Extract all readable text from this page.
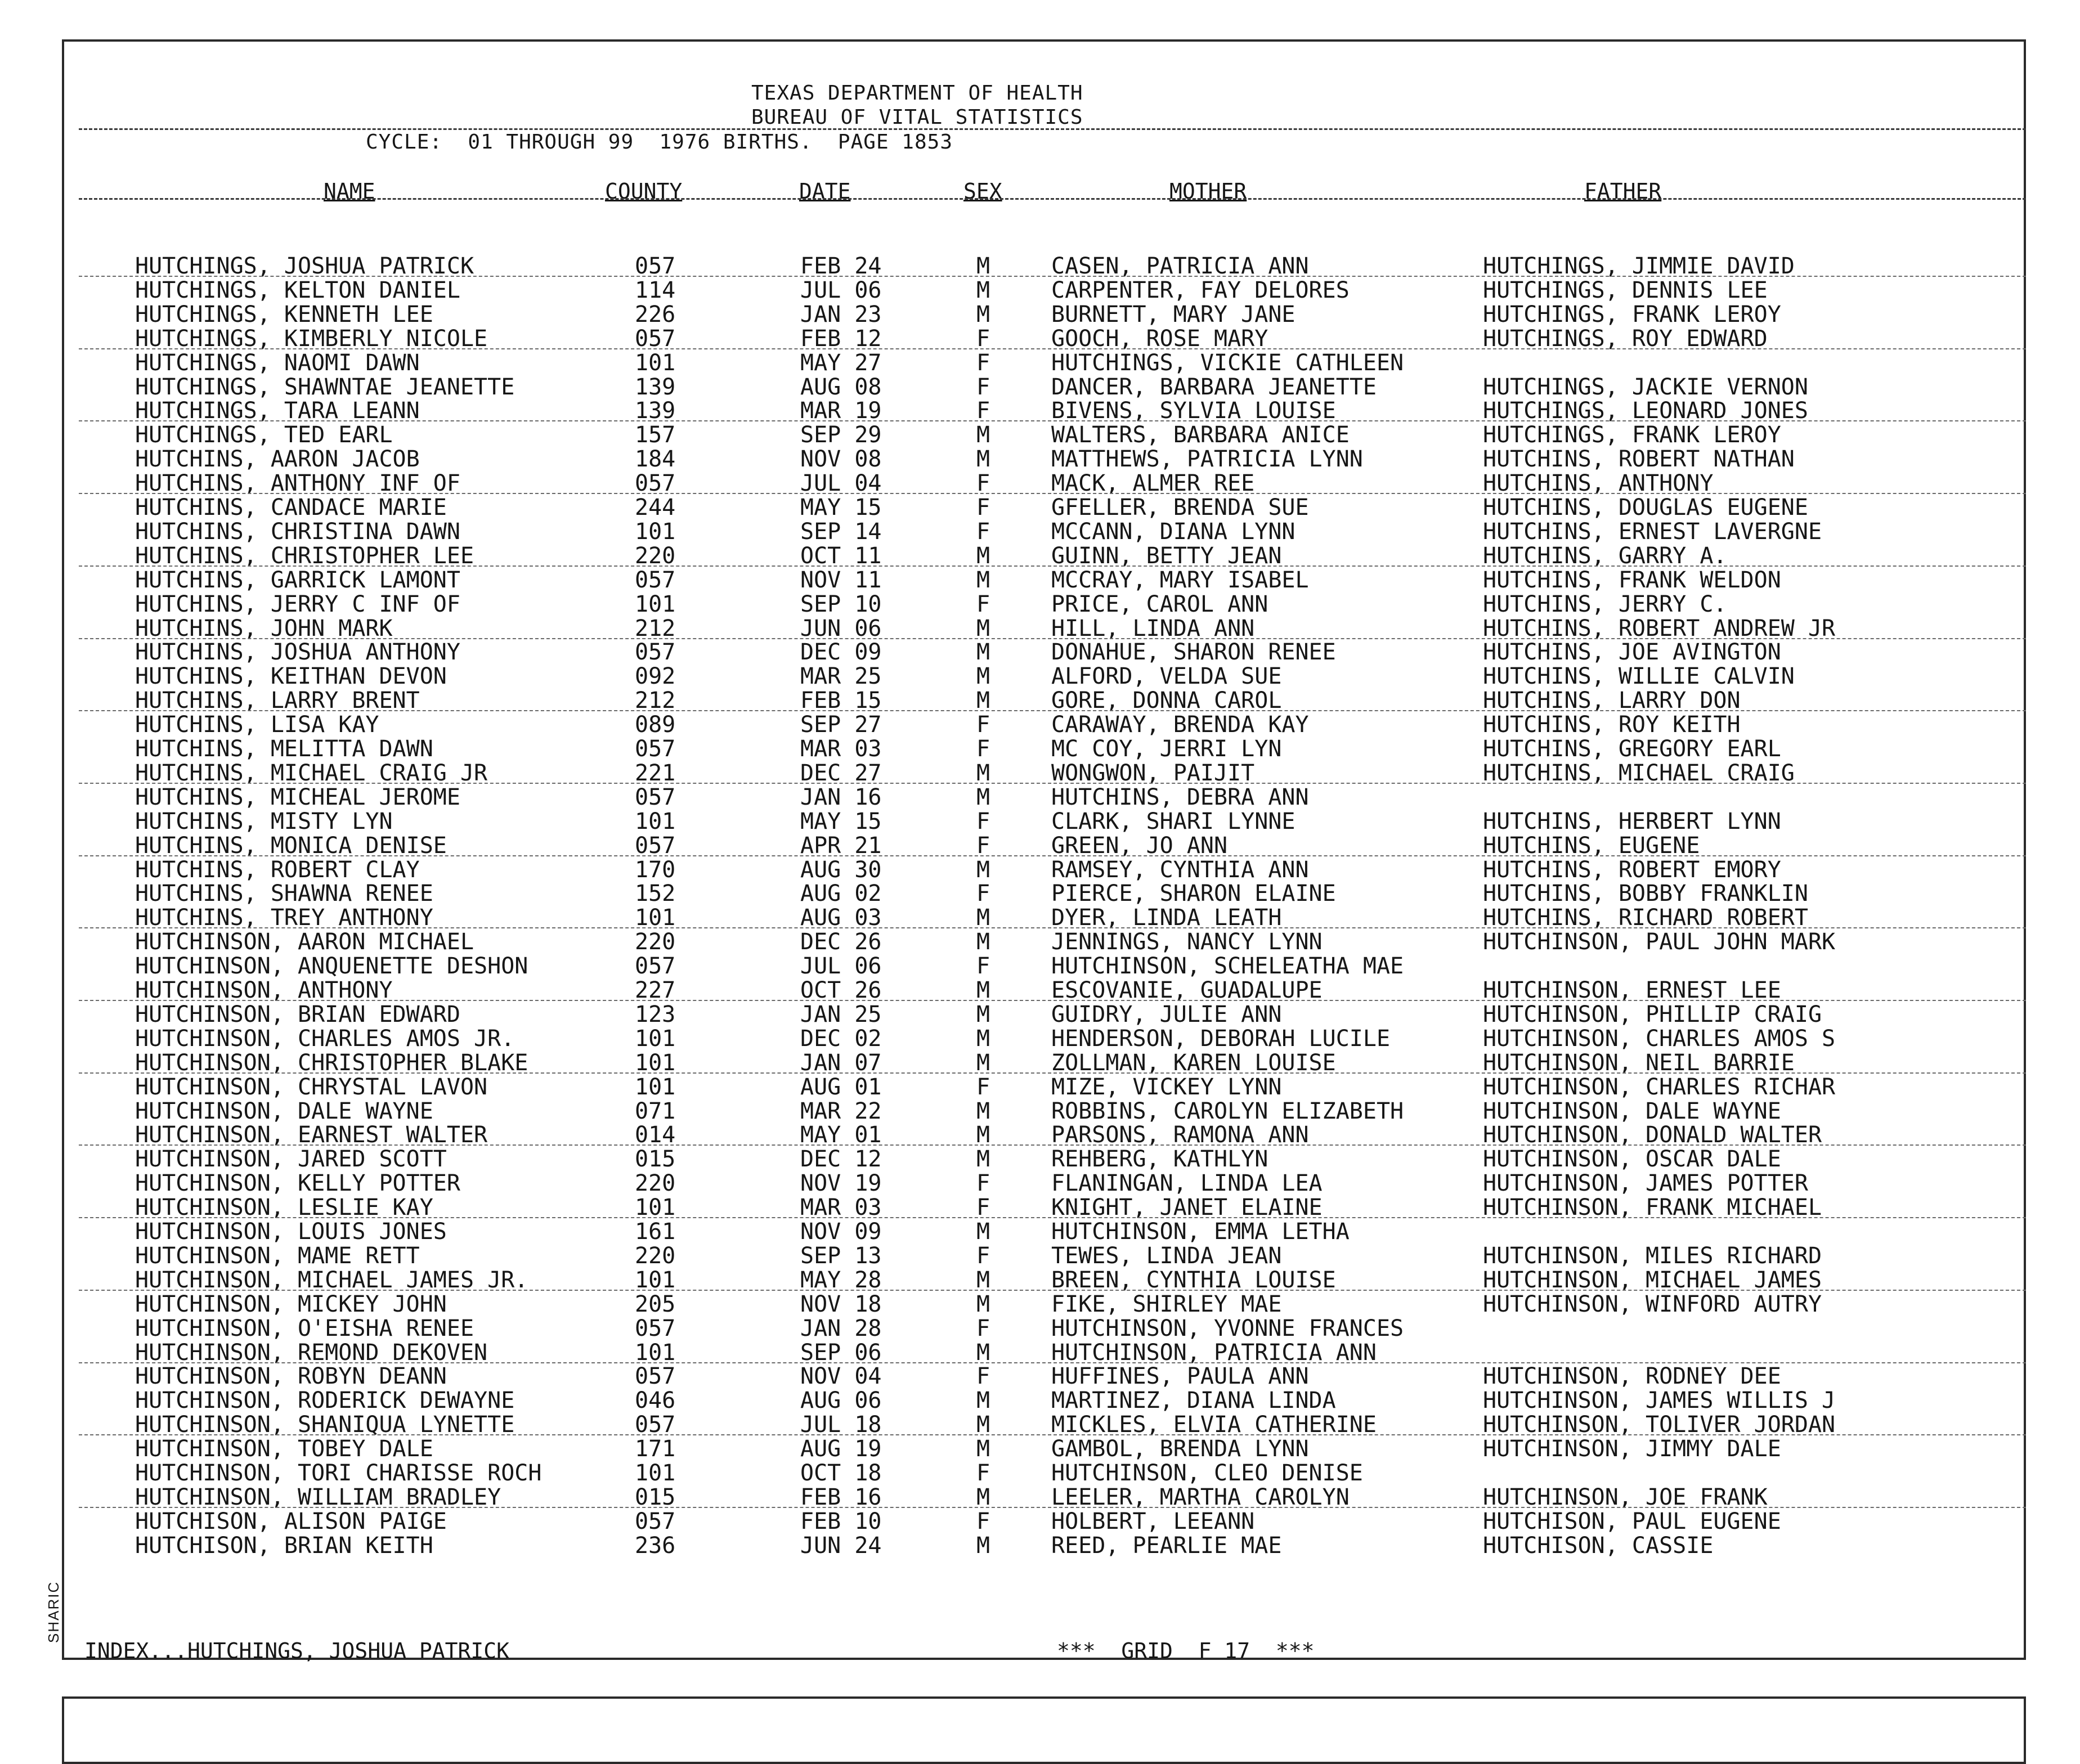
SHARIC
TEXAS DEPARTMENT OF HEALTH
BUREAU OF VITAL STATISTICS
CYCLE:  01 THROUGH 99  1976 BIRTHS.  PAGE 1853
NAME	COUNTY	DATE	SEX	MOTHER	FATHER
HUTCHINGS, JOSHUA PATRICK	057	FEB 24	M	CASEN, PATRICIA ANN	HUTCHINGS, JIMMIE DAVID
HUTCHINGS, KELTON DANIEL	114	JUL 06	M	CARPENTER, FAY DELORES	HUTCHINGS, DENNIS LEE
HUTCHINGS, KENNETH LEE	226	JAN 23	M	BURNETT, MARY JANE	HUTCHINGS, FRANK LEROY
HUTCHINGS, KIMBERLY NICOLE	057	FEB 12	F	GOOCH, ROSE MARY	HUTCHINGS, ROY EDWARD
HUTCHINGS, NAOMI DAWN	101	MAY 27	F	HUTCHINGS, VICKIE CATHLEEN
HUTCHINGS, SHAWNTAE JEANETTE	139	AUG 08	F	DANCER, BARBARA JEANETTE	HUTCHINGS, JACKIE VERNON
HUTCHINGS, TARA LEANN	139	MAR 19	F	BIVENS, SYLVIA LOUISE	HUTCHINGS, LEONARD JONES
HUTCHINGS, TED EARL	157	SEP 29	M	WALTERS, BARBARA ANICE	HUTCHINGS, FRANK LEROY
HUTCHINS, AARON JACOB	184	NOV 08	M	MATTHEWS, PATRICIA LYNN	HUTCHINS, ROBERT NATHAN
HUTCHINS, ANTHONY INF OF	057	JUL 04	F	MACK, ALMER REE	HUTCHINS, ANTHONY
HUTCHINS, CANDACE MARIE	244	MAY 15	F	GFELLER, BRENDA SUE	HUTCHINS, DOUGLAS EUGENE
HUTCHINS, CHRISTINA DAWN	101	SEP 14	F	MCCANN, DIANA LYNN	HUTCHINS, ERNEST LAVERGNE
HUTCHINS, CHRISTOPHER LEE	220	OCT 11	M	GUINN, BETTY JEAN	HUTCHINS, GARRY A.
HUTCHINS, GARRICK LAMONT	057	NOV 11	M	MCCRAY, MARY ISABEL	HUTCHINS, FRANK WELDON
HUTCHINS, JERRY C INF OF	101	SEP 10	F	PRICE, CAROL ANN	HUTCHINS, JERRY C.
HUTCHINS, JOHN MARK	212	JUN 06	M	HILL, LINDA ANN	HUTCHINS, ROBERT ANDREW JR
HUTCHINS, JOSHUA ANTHONY	057	DEC 09	M	DONAHUE, SHARON RENEE	HUTCHINS, JOE AVINGTON
HUTCHINS, KEITHAN DEVON	092	MAR 25	M	ALFORD, VELDA SUE	HUTCHINS, WILLIE CALVIN
HUTCHINS, LARRY BRENT	212	FEB 15	M	GORE, DONNA CAROL	HUTCHINS, LARRY DON
HUTCHINS, LISA KAY	089	SEP 27	F	CARAWAY, BRENDA KAY	HUTCHINS, ROY KEITH
HUTCHINS, MELITTA DAWN	057	MAR 03	F	MC COY, JERRI LYN	HUTCHINS, GREGORY EARL
HUTCHINS, MICHAEL CRAIG JR	221	DEC 27	M	WONGWON, PAIJIT	HUTCHINS, MICHAEL CRAIG
HUTCHINS, MICHEAL JEROME	057	JAN 16	M	HUTCHINS, DEBRA ANN
HUTCHINS, MISTY LYN	101	MAY 15	F	CLARK, SHARI LYNNE	HUTCHINS, HERBERT LYNN
HUTCHINS, MONICA DENISE	057	APR 21	F	GREEN, JO ANN	HUTCHINS, EUGENE
HUTCHINS, ROBERT CLAY	170	AUG 30	M	RAMSEY, CYNTHIA ANN	HUTCHINS, ROBERT EMORY
HUTCHINS, SHAWNA RENEE	152	AUG 02	F	PIERCE, SHARON ELAINE	HUTCHINS, BOBBY FRANKLIN
HUTCHINS, TREY ANTHONY	101	AUG 03	M	DYER, LINDA LEATH	HUTCHINS, RICHARD ROBERT
HUTCHINSON, AARON MICHAEL	220	DEC 26	M	JENNINGS, NANCY LYNN	HUTCHINSON, PAUL JOHN MARK
HUTCHINSON, ANQUENETTE DESHON	057	JUL 06	F	HUTCHINSON, SCHELEATHA MAE
HUTCHINSON, ANTHONY	227	OCT 26	M	ESCOVANIE, GUADALUPE	HUTCHINSON, ERNEST LEE
HUTCHINSON, BRIAN EDWARD	123	JAN 25	M	GUIDRY, JULIE ANN	HUTCHINSON, PHILLIP CRAIG
HUTCHINSON, CHARLES AMOS JR.	101	DEC 02	M	HENDERSON, DEBORAH LUCILE	HUTCHINSON, CHARLES AMOS S
HUTCHINSON, CHRISTOPHER BLAKE	101	JAN 07	M	ZOLLMAN, KAREN LOUISE	HUTCHINSON, NEIL BARRIE
HUTCHINSON, CHRYSTAL LAVON	101	AUG 01	F	MIZE, VICKEY LYNN	HUTCHINSON, CHARLES RICHAR
HUTCHINSON, DALE WAYNE	071	MAR 22	M	ROBBINS, CAROLYN ELIZABETH	HUTCHINSON, DALE WAYNE
HUTCHINSON, EARNEST WALTER	014	MAY 01	M	PARSONS, RAMONA ANN	HUTCHINSON, DONALD WALTER
HUTCHINSON, JARED SCOTT	015	DEC 12	M	REHBERG, KATHLYN	HUTCHINSON, OSCAR DALE
HUTCHINSON, KELLY POTTER	220	NOV 19	F	FLANINGAN, LINDA LEA	HUTCHINSON, JAMES POTTER
HUTCHINSON, LESLIE KAY	101	MAR 03	F	KNIGHT, JANET ELAINE	HUTCHINSON, FRANK MICHAEL
HUTCHINSON, LOUIS JONES	161	NOV 09	M	HUTCHINSON, EMMA LETHA
HUTCHINSON, MAME RETT	220	SEP 13	F	TEWES, LINDA JEAN	HUTCHINSON, MILES RICHARD
HUTCHINSON, MICHAEL JAMES JR.	101	MAY 28	M	BREEN, CYNTHIA LOUISE	HUTCHINSON, MICHAEL JAMES
HUTCHINSON, MICKEY JOHN	205	NOV 18	M	FIKE, SHIRLEY MAE	HUTCHINSON, WINFORD AUTRY
HUTCHINSON, O'EISHA RENEE	057	JAN 28	F	HUTCHINSON, YVONNE FRANCES
HUTCHINSON, REMOND DEKOVEN	101	SEP 06	M	HUTCHINSON, PATRICIA ANN
HUTCHINSON, ROBYN DEANN	057	NOV 04	F	HUFFINES, PAULA ANN	HUTCHINSON, RODNEY DEE
HUTCHINSON, RODERICK DEWAYNE	046	AUG 06	M	MARTINEZ, DIANA LINDA	HUTCHINSON, JAMES WILLIS J
HUTCHINSON, SHANIQUA LYNETTE	057	JUL 18	M	MICKLES, ELVIA CATHERINE	HUTCHINSON, TOLIVER JORDAN
HUTCHINSON, TOBEY DALE	171	AUG 19	M	GAMBOL, BRENDA LYNN	HUTCHINSON, JIMMY DALE
HUTCHINSON, TORI CHARISSE ROCH	101	OCT 18	F	HUTCHINSON, CLEO DENISE
HUTCHINSON, WILLIAM BRADLEY	015	FEB 16	M	LEELER, MARTHA CAROLYN	HUTCHINSON, JOE FRANK
HUTCHISON, ALISON PAIGE	057	FEB 10	F	HOLBERT, LEEANN	HUTCHISON, PAUL EUGENE
HUTCHISON, BRIAN KEITH	236	JUN 24	M	REED, PEARLIE MAE	HUTCHISON, CASSIE
INDEX...HUTCHINGS, JOSHUA PATRICK	***  GRID  F 17  ***
